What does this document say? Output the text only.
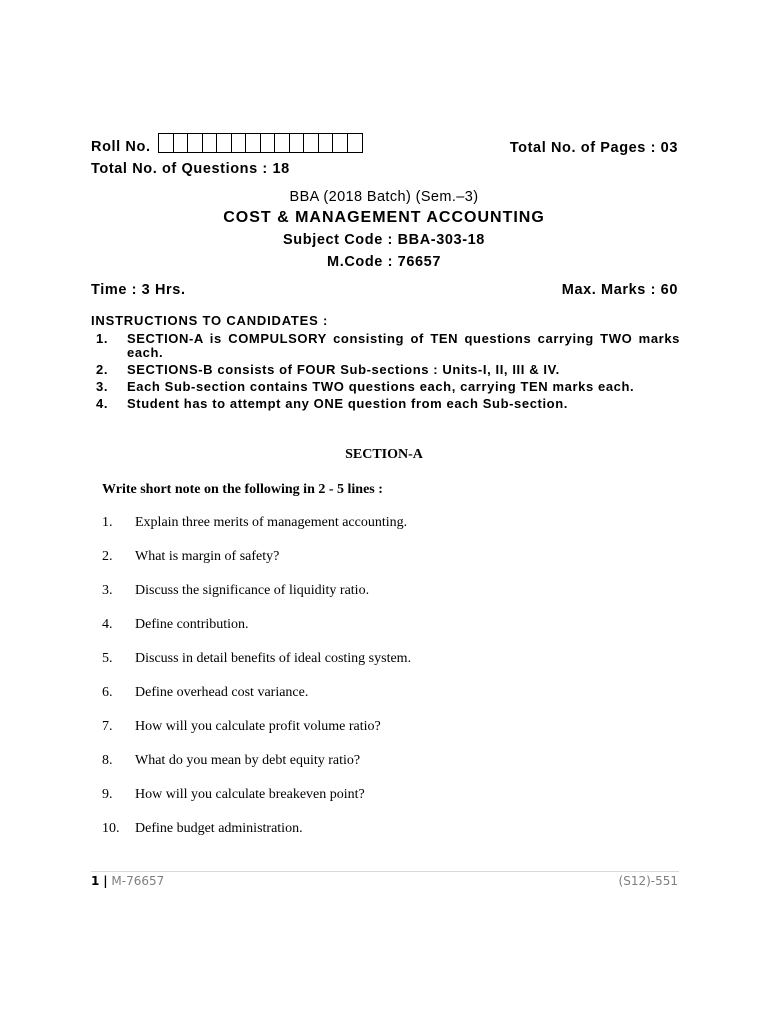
Roll No.	Total No. of Pages : 03
Total No. of Questions : 18
BBA (2018 Batch) (Sem.–3)
COST & MANAGEMENT ACCOUNTING
Subject Code : BBA-303-18
M.Code : 76657
Time : 3 Hrs.	Max. Marks : 60
INSTRUCTIONS TO CANDIDATES :
1.	SECTION-A is COMPULSORY consisting of TEN questions carrying TWO marks each.
2.	SECTIONS-B consists of FOUR Sub-sections : Units-I, II, III & IV.
3.	Each Sub-section contains TWO questions each, carrying TEN marks each.
4.	Student has to attempt any ONE question from each Sub-section.
SECTION-A
Write short note on the following in 2 - 5 lines :
1.	Explain three merits of management accounting.
2.	What is margin of safety?
3.	Discuss the significance of liquidity ratio.
4.	Define contribution.
5.	Discuss in detail benefits of ideal costing system.
6.	Define overhead cost variance.
7.	How will you calculate profit volume ratio?
8.	What do you mean by debt equity ratio?
9.	How will you calculate breakeven point?
10.	Define budget administration.
1 | M-76657	(S12)-551
